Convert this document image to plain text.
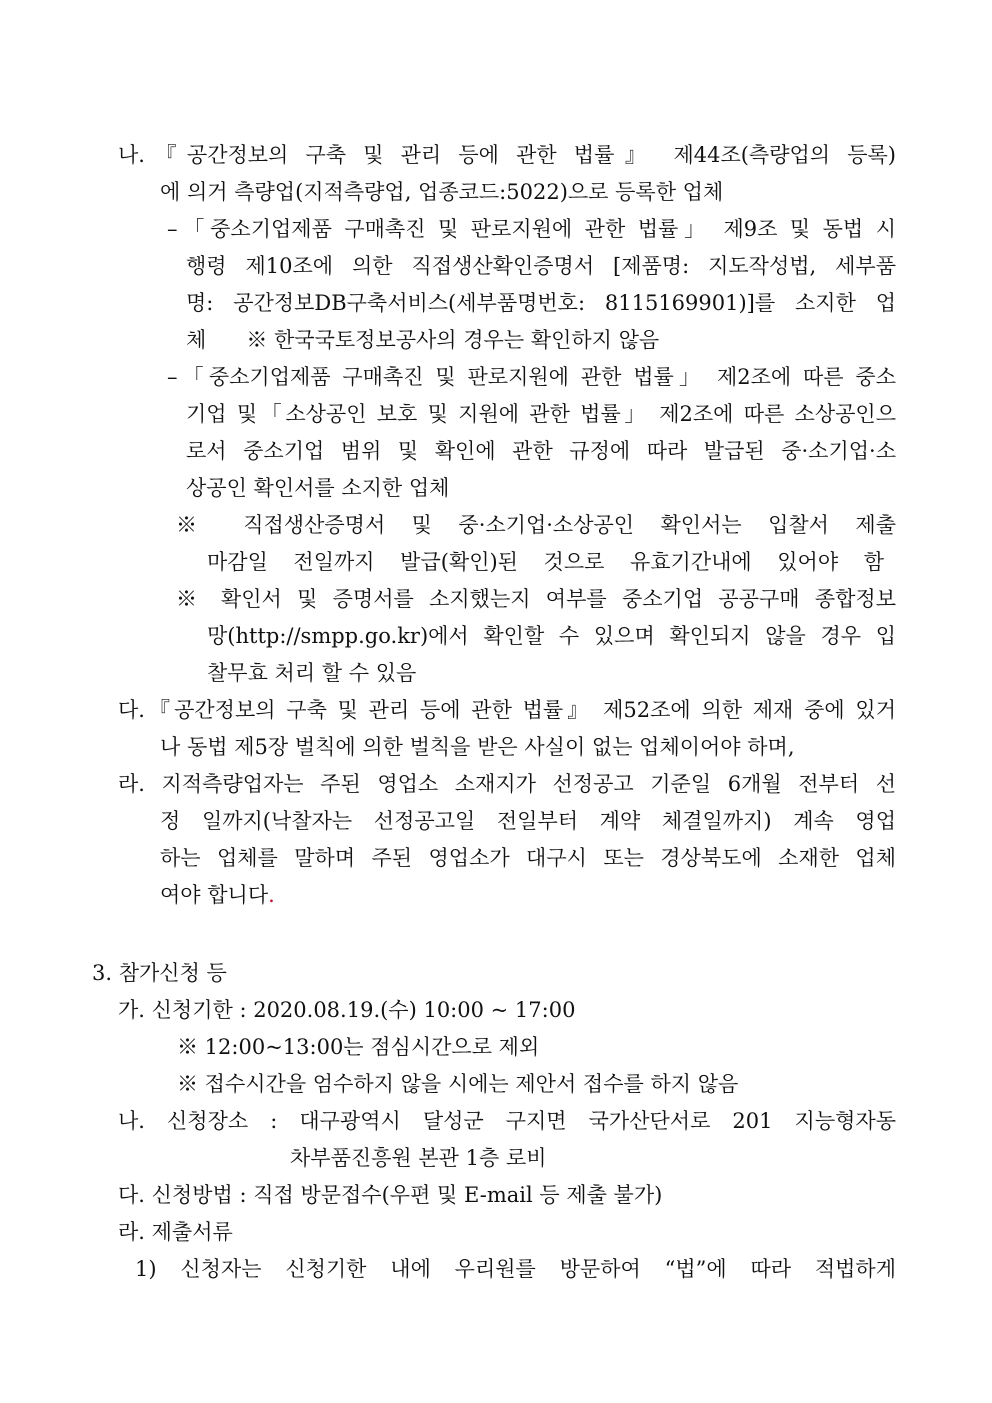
나.『공간정보의 구축 및 관리 등에 관한 법률』 제44조(측량업의 등록)
에 의거 측량업(지적측량업, 업종코드:5022)으로 등록한 업체
–「중소기업제품 구매촉진 및 판로지원에 관한 법률」 제9조 및 동법 시
행령 제10조에 의한 직접생산확인증명서 [제품명: 지도작성법, 세부품
명: 공간정보DB구축서비스(세부품명번호: 8115169901)]를 소지한 업
체      ※ 한국국토정보공사의 경우는 확인하지 않음
–「중소기업제품 구매촉진 및 판로지원에 관한 법률」 제2조에 따른 중소
기업 및「소상공인 보호 및 지원에 관한 법률」 제2조에 따른 소상공인으
로서 중소기업 범위 및 확인에 관한 규정에 따라 발급된 중·소기업·소
상공인 확인서를 소지한 업체
※ 직접생산증명서 및 중·소기업·소상공인 확인서는 입찰서 제출
마감일 전일까지 발급(확인)된 것으로 유효기간내에 있어야 함
※ 확인서 및 증명서를 소지했는지 여부를 중소기업 공공구매 종합정보
망(http://smpp.go.kr)에서 확인할 수 있으며 확인되지 않을 경우 입
찰무효 처리 할 수 있음
다.『공간정보의 구축 및 관리 등에 관한 법률』 제52조에 의한 제재 중에 있거
나 동법 제5장 벌칙에 의한 벌칙을 받은 사실이 없는 업체이어야 하며,
라. 지적측량업자는 주된 영업소 소재지가 선정공고 기준일 6개월 전부터 선
정 일까지(낙찰자는 선정공고일 전일부터 계약 체결일까지) 계속 영업
하는 업체를 말하며 주된 영업소가 대구시 또는 경상북도에 소재한 업체
여야 합니다.
3. 참가신청 등
가. 신청기한 : 2020.08.19.(수) 10:00 ~ 17:00
※ 12:00~13:00는 점심시간으로 제외
※ 접수시간을 엄수하지 않을 시에는 제안서 접수를 하지 않음
나. 신청장소 : 대구광역시 달성군 구지면 국가산단서로 201 지능형자동
차부품진흥원 본관 1층 로비
다. 신청방법 : 직접 방문접수(우편 및 E-mail 등 제출 불가)
라. 제출서류
1) 신청자는 신청기한 내에 우리원를 방문하여 “법”에 따라 적법하게
